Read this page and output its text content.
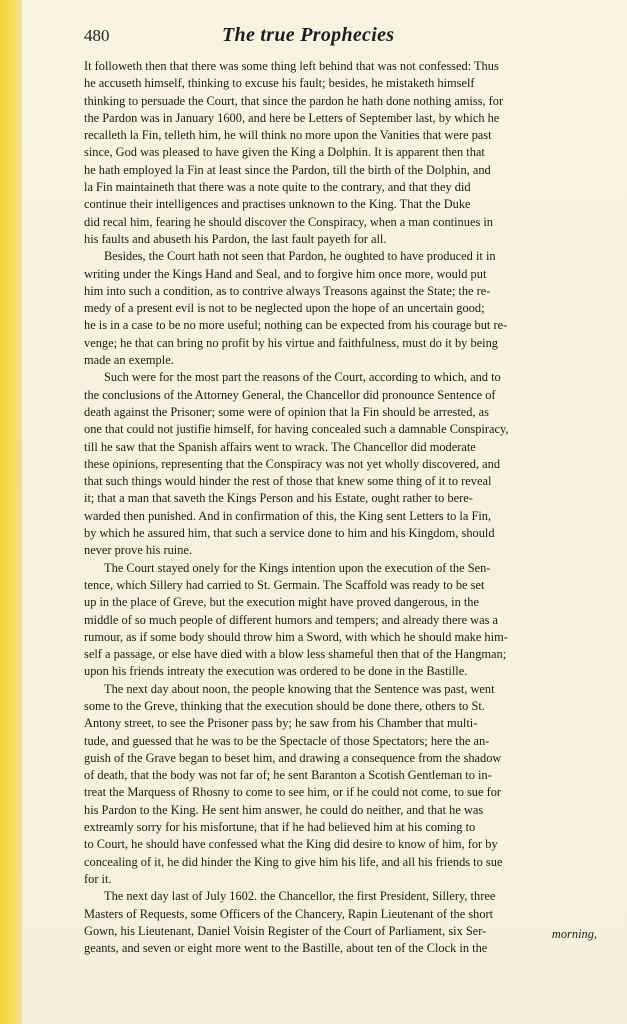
480	The true Prophecies
It followeth then that there was some thing left behind that was not confessed: Thus
he accuseth himself, thinking to excuse his fault; besides, he mistaketh himself
thinking to persuade the Court, that since the pardon he hath done nothing amiss, for
the Pardon was in January 1600, and here be Letters of September last, by which he
recalleth la Fin, telleth him, he will think no more upon the Vanities that were past
since, God was pleased to have given the King a Dolphin. It is apparent then that
he hath employed la Fin at least since the Pardon, till the birth of the Dolphin, and
la Fin maintaineth that there was a note quite to the contrary, and that they did
continue their intelligences and practises unknown to the King. That the Duke
did recal him, fearing he should discover the Conspiracy, when a man continues in
his faults and abuseth his Pardon, the last fault payeth for all.
Besides, the Court hath not seen that Pardon, he oughted to have produced it in
writing under the Kings Hand and Seal, and to forgive him once more, would put
him into such a condition, as to contrive always Treasons against the State; the re-
medy of a present evil is not to be neglected upon the hope of an uncertain good;
he is in a case to be no more useful; nothing can be expected from his courage but re-
venge; he that can bring no profit by his virtue and faithfulness, must do it by being
made an exemple.
Such were for the most part the reasons of the Court, according to which, and to
the conclusions of the Attorney General, the Chancellor did pronounce Sentence of
death against the Prisoner; some were of opinion that la Fin should be arrested, as
one that could not justifie himself, for having concealed such a damnable Conspiracy,
till he saw that the Spanish affairs went to wrack. The Chancellor did moderate
these opinions, representing that the Conspiracy was not yet wholly discovered, and
that such things would hinder the rest of those that knew some thing of it to reveal
it; that a man that saveth the Kings Person and his Estate, ought rather to bere-
warded then punished. And in confirmation of this, the King sent Letters to la Fin,
by which he assured him, that such a service done to him and his Kingdom, should
never prove his ruine.
The Court stayed onely for the Kings intention upon the execution of the Sen-
tence, which Sillery had carried to St. Germain. The Scaffold was ready to be set
up in the place of Greve, but the execution might have proved dangerous, in the
middle of so much people of different humors and tempers; and already there was a
rumour, as if some body should throw him a Sword, with which he should make him-
self a passage, or else have died with a blow less shameful then that of the Hangman;
upon his friends intreaty the execution was ordered to be done in the Bastille.
The next day about noon, the people knowing that the Sentence was past, went
some to the Greve, thinking that the execution should be done there, others to St.
Antony street, to see the Prisoner pass by; he saw from his Chamber that multi-
tude, and guessed that he was to be the Spectacle of those Spectators; here the an-
guish of the Grave began to beset him, and drawing a consequence from the shadow
of death, that the body was not far of; he sent Baranton a Scotish Gentleman to in-
treat the Marquess of Rhosny to come to see him, or if he could not come, to sue for
his Pardon to the King. He sent him answer, he could do neither, and that he was
extreamly sorry for his misfortune, that if he had believed him at his coming to
to Court, he should have confessed what the King did desire to know of him, for by
concealing of it, he did hinder the King to give him his life, and all his friends to sue
for it.
The next day last of July 1602. the Chancellor, the first President, Sillery, three
Masters of Requests, some Officers of the Chancery, Rapin Lieutenant of the short
Gown, his Lieutenant, Daniel Voisin Register of the Court of Parliament, six Ser-
geants, and seven or eight more went to the Bastille, about ten of the Clock in the
morning,
